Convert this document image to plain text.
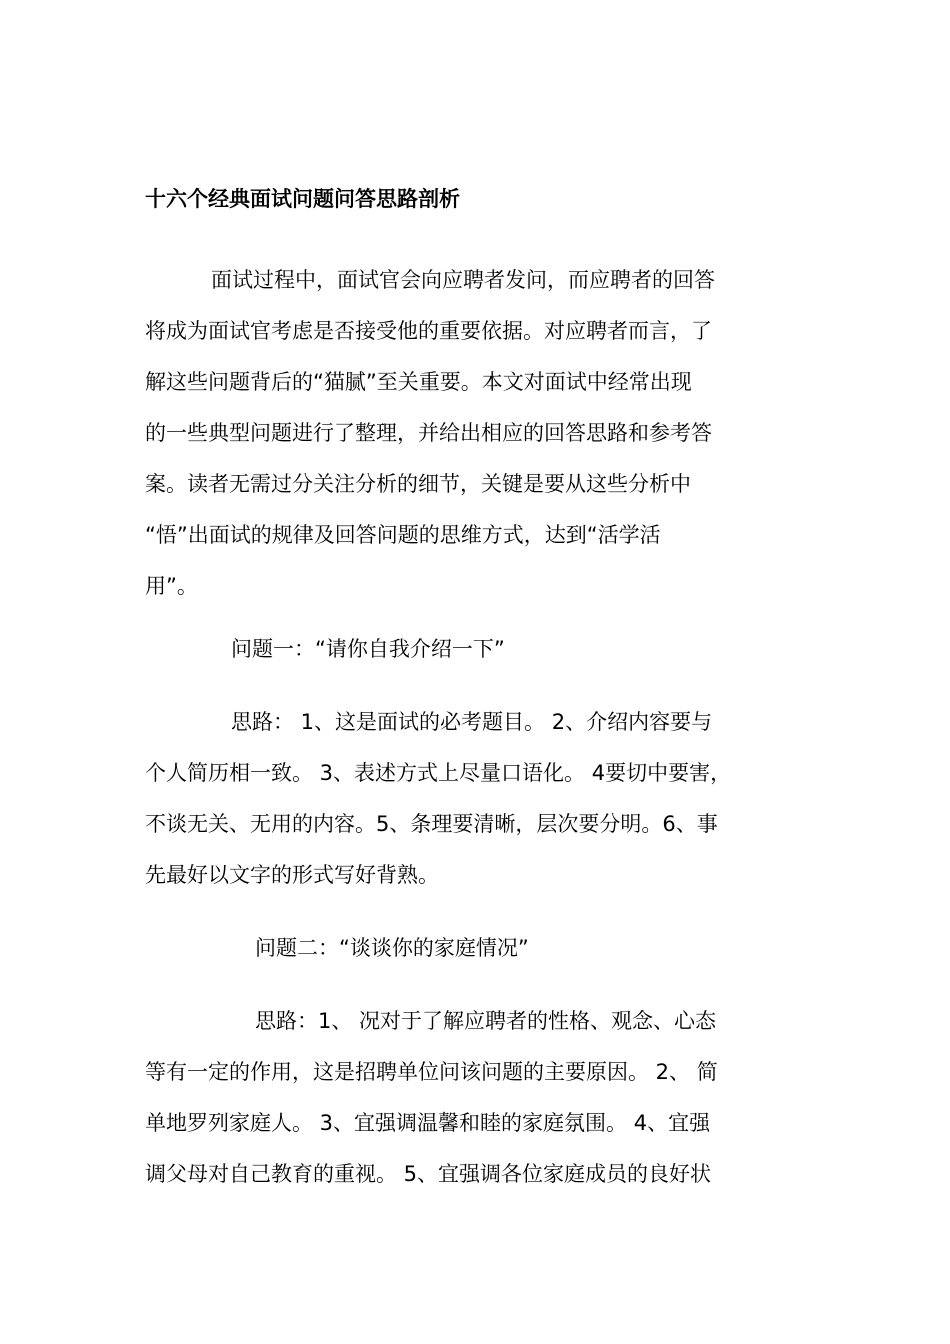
十六个经典面试问题问答思路剖析
面试过程中，面试官会向应聘者发问，而应聘者的回答
将成为面试官考虑是否接受他的重要依据。对应聘者而言，了
解这些问题背后的“猫腻”至关重要。本文对面试中经常出现
的一些典型问题进行了整理，并给出相应的回答思路和参考答
案。读者无需过分关注分析的细节，关键是要从这些分析中
“悟”出面试的规律及回答问题的思维方式，达到“活学活
用”。
问题一：“请你自我介绍一下”
思路： 1、这是面试的必考题目。 2、介绍内容要与
个人简历相一致。 3、表述方式上尽量口语化。 4要切中要害，
不谈无关、无用的内容。5、条理要清晰，层次要分明。6、事
先最好以文字的形式写好背熟。
问题二：“谈谈你的家庭情况”
思路：1、 况对于了解应聘者的性格、观念、心态
等有一定的作用，这是招聘单位问该问题的主要原因。 2、 简
单地罗列家庭人。 3、宜强调温馨和睦的家庭氛围。 4、宜强
调父母对自己教育的重视。 5、宜强调各位家庭成员的良好状
